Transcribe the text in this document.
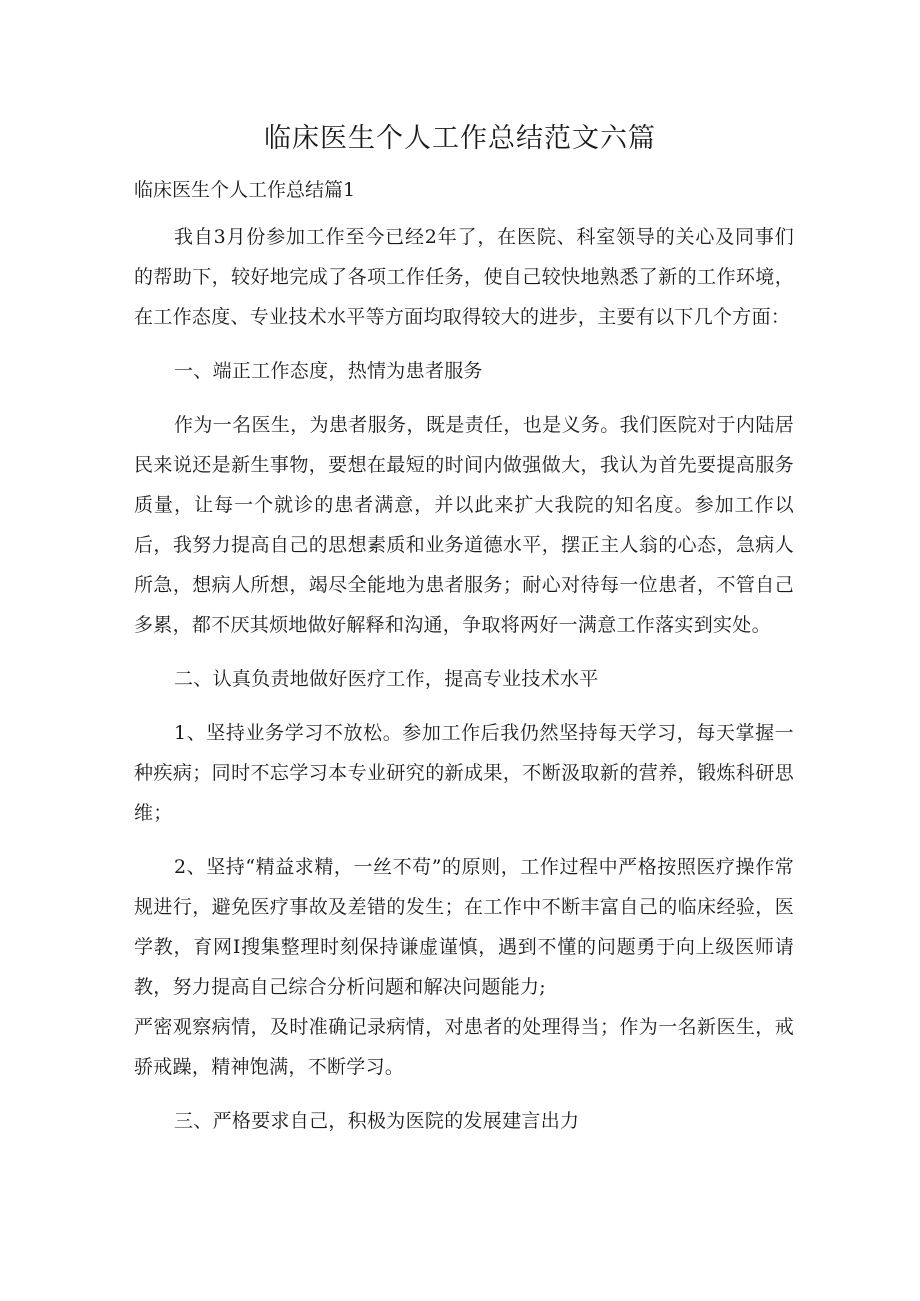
临床医生个人工作总结范文六篇

临床医生个人工作总结篇1

我自3月份参加工作至今已经2年了，在医院、科室领导的关心及同事们的帮助下，较好地完成了各项工作任务，使自己较快地熟悉了新的工作环境，在工作态度、专业技术水平等方面均取得较大的进步，主要有以下几个方面：

一、端正工作态度，热情为患者服务

作为一名医生，为患者服务，既是责任，也是义务。我们医院对于内陆居民来说还是新生事物，要想在最短的时间内做强做大，我认为首先要提高服务质量，让每一个就诊的患者满意，并以此来扩大我院的知名度。参加工作以后，我努力提高自己的思想素质和业务道德水平，摆正主人翁的心态，急病人所急，想病人所想，竭尽全能地为患者服务；耐心对待每一位患者，不管自己多累，都不厌其烦地做好解释和沟通，争取将两好一满意工作落实到实处。

二、认真负责地做好医疗工作，提高专业技术水平

1、坚持业务学习不放松。参加工作后我仍然坚持每天学习，每天掌握一种疾病；同时不忘学习本专业研究的新成果，不断汲取新的营养，锻炼科研思维；

2、坚持“精益求精，一丝不苟”的原则，工作过程中严格按照医疗操作常规进行，避免医疗事故及差错的发生；在工作中不断丰富自己的临床经验，医学教，育网I搜集整理时刻保持谦虚谨慎，遇到不懂的问题勇于向上级医师请教，努力提高自己综合分析问题和解决问题能力;

严密观察病情，及时准确记录病情，对患者的处理得当；作为一名新医生，戒骄戒躁，精神饱满，不断学习。

三、严格要求自己，积极为医院的发展建言出力
